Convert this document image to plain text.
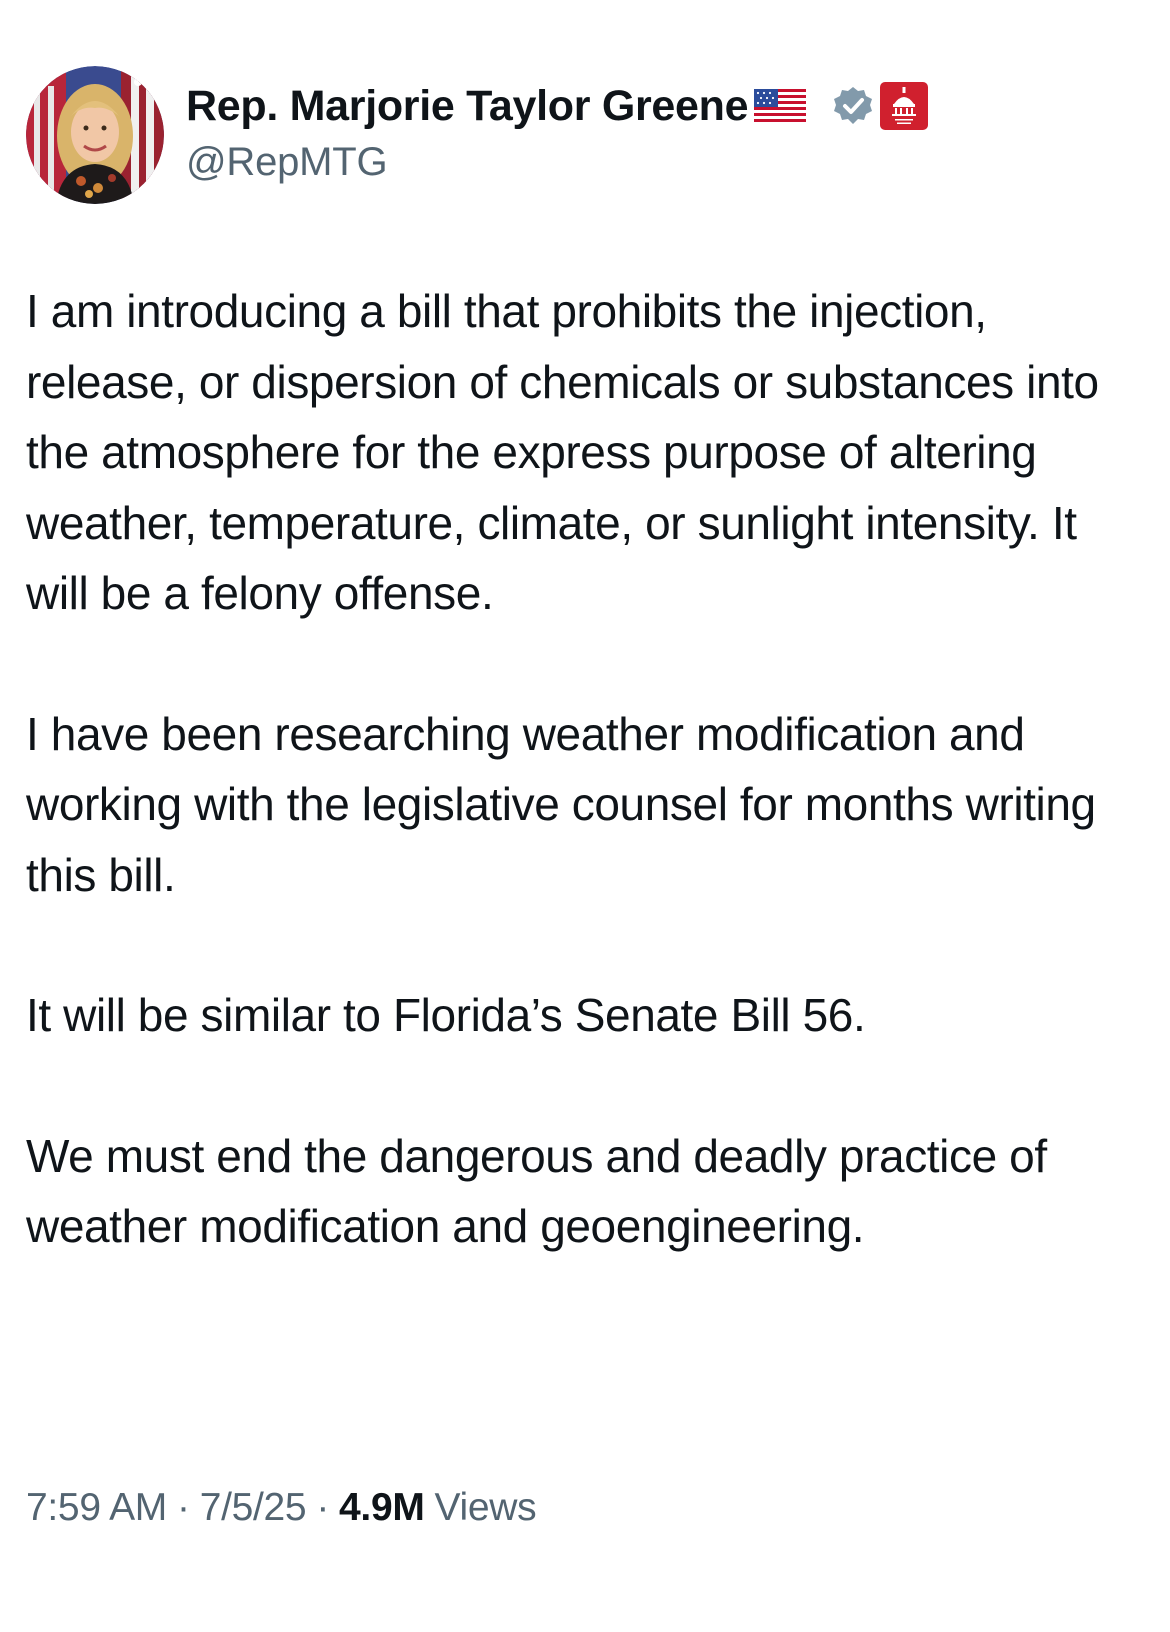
Rep. Marjorie Taylor Greene
@RepMTG

I am introducing a bill that prohibits the injection, release, or dispersion of chemicals or substances into the atmosphere for the express purpose of altering weather, temperature, climate, or sunlight intensity. It will be a felony offense.

I have been researching weather modification and working with the legislative counsel for months writing this bill.

It will be similar to Florida’s Senate Bill 56.

We must end the dangerous and deadly practice of weather modification and geoengineering.

7:59 AM · 7/5/25 · 4.9M Views
